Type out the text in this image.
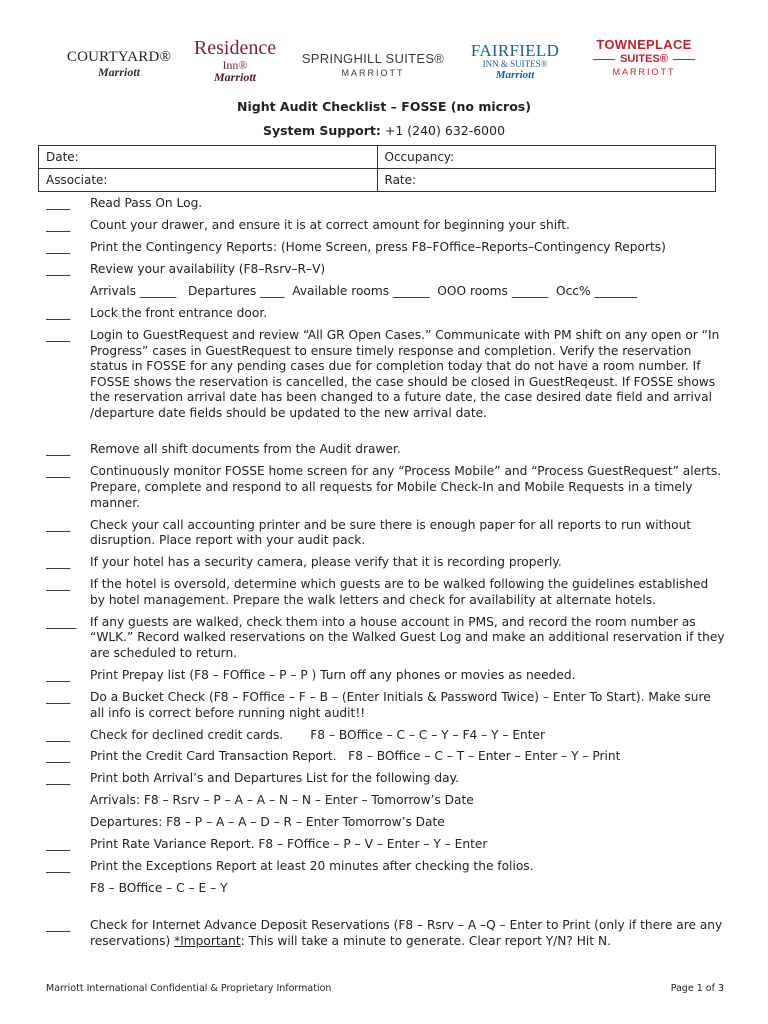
COURTYARD®
Marriott
Residence
Inn®
Marriott
SPRINGHILL SUITES®
MARRIOTT
FAIRFIELD
INN & SUITES®
Marriott
TOWNEPLACE
SUITES®
MARRIOTT
Night Audit Checklist – FOSSE (no micros)
System Support: +1 (240) 632-6000
Date:	Occupancy:
Associate:	Rate:
____ Read Pass On Log.
____ Count your drawer, and ensure it is at correct amount for beginning your shift.
____ Print the Contingency Reports: (Home Screen, press F8–FOffice–Reports–Contingency Reports)
____ Review your availability (F8–Rsrv–R–V)
Arrivals ______   Departures ____  Available rooms ______  OOO rooms ______  Occ% _______
____ Lock the front entrance door.
____ Login to GuestRequest and review “All GR Open Cases.” Communicate with PM shift on any open or “In Progress” cases in GuestRequest to ensure timely response and completion. Verify the reservation status in FOSSE for any pending cases due for completion today that do not have a room number. If FOSSE shows the reservation is cancelled, the case should be closed in GuestReqeust. If FOSSE shows the reservation arrival date has been changed to a future date, the case desired date field and arrival /departure date fields should be updated to the new arrival date.
____ Remove all shift documents from the Audit drawer.
____ Continuously monitor FOSSE home screen for any “Process Mobile” and “Process GuestRequest” alerts. Prepare, complete and respond to all requests for Mobile Check-In and Mobile Requests in a timely manner.
____ Check your call accounting printer and be sure there is enough paper for all reports to run without disruption. Place report with your audit pack.
____ If your hotel has a security camera, please verify that it is recording properly.
____ If the hotel is oversold, determine which guests are to be walked following the guidelines established by hotel management. Prepare the walk letters and check for availability at alternate hotels.
_____ If any guests are walked, check them into a house account in PMS, and record the room number as “WLK.” Record walked reservations on the Walked Guest Log and make an additional reservation if they are scheduled to return.
____ Print Prepay list (F8 – FOffice – P – P ) Turn off any phones or movies as needed.
____ Do a Bucket Check (F8 – FOffice – F – B – (Enter Initials & Password Twice) – Enter To Start). Make sure all info is correct before running night audit!!
____ Check for declined credit cards.       F8 – BOffice – C – C – Y – F4 – Y – Enter
____ Print the Credit Card Transaction Report.   F8 – BOffice – C – T – Enter – Enter – Y – Print
____ Print both Arrival’s and Departures List for the following day.
Arrivals: F8 – Rsrv – P – A – A – N – N – Enter – Tomorrow’s Date
Departures: F8 – P – A – A – D – R – Enter Tomorrow’s Date
____ Print Rate Variance Report. F8 – FOffice – P – V – Enter – Y – Enter
____ Print the Exceptions Report at least 20 minutes after checking the folios.
F8 – BOffice – C – E – Y
____ Check for Internet Advance Deposit Reservations (F8 – Rsrv – A –Q – Enter to Print (only if there are any reservations) *Important: This will take a minute to generate. Clear report Y/N? Hit N.
Marriott International Confidential & Proprietary Information	Page 1 of 3
